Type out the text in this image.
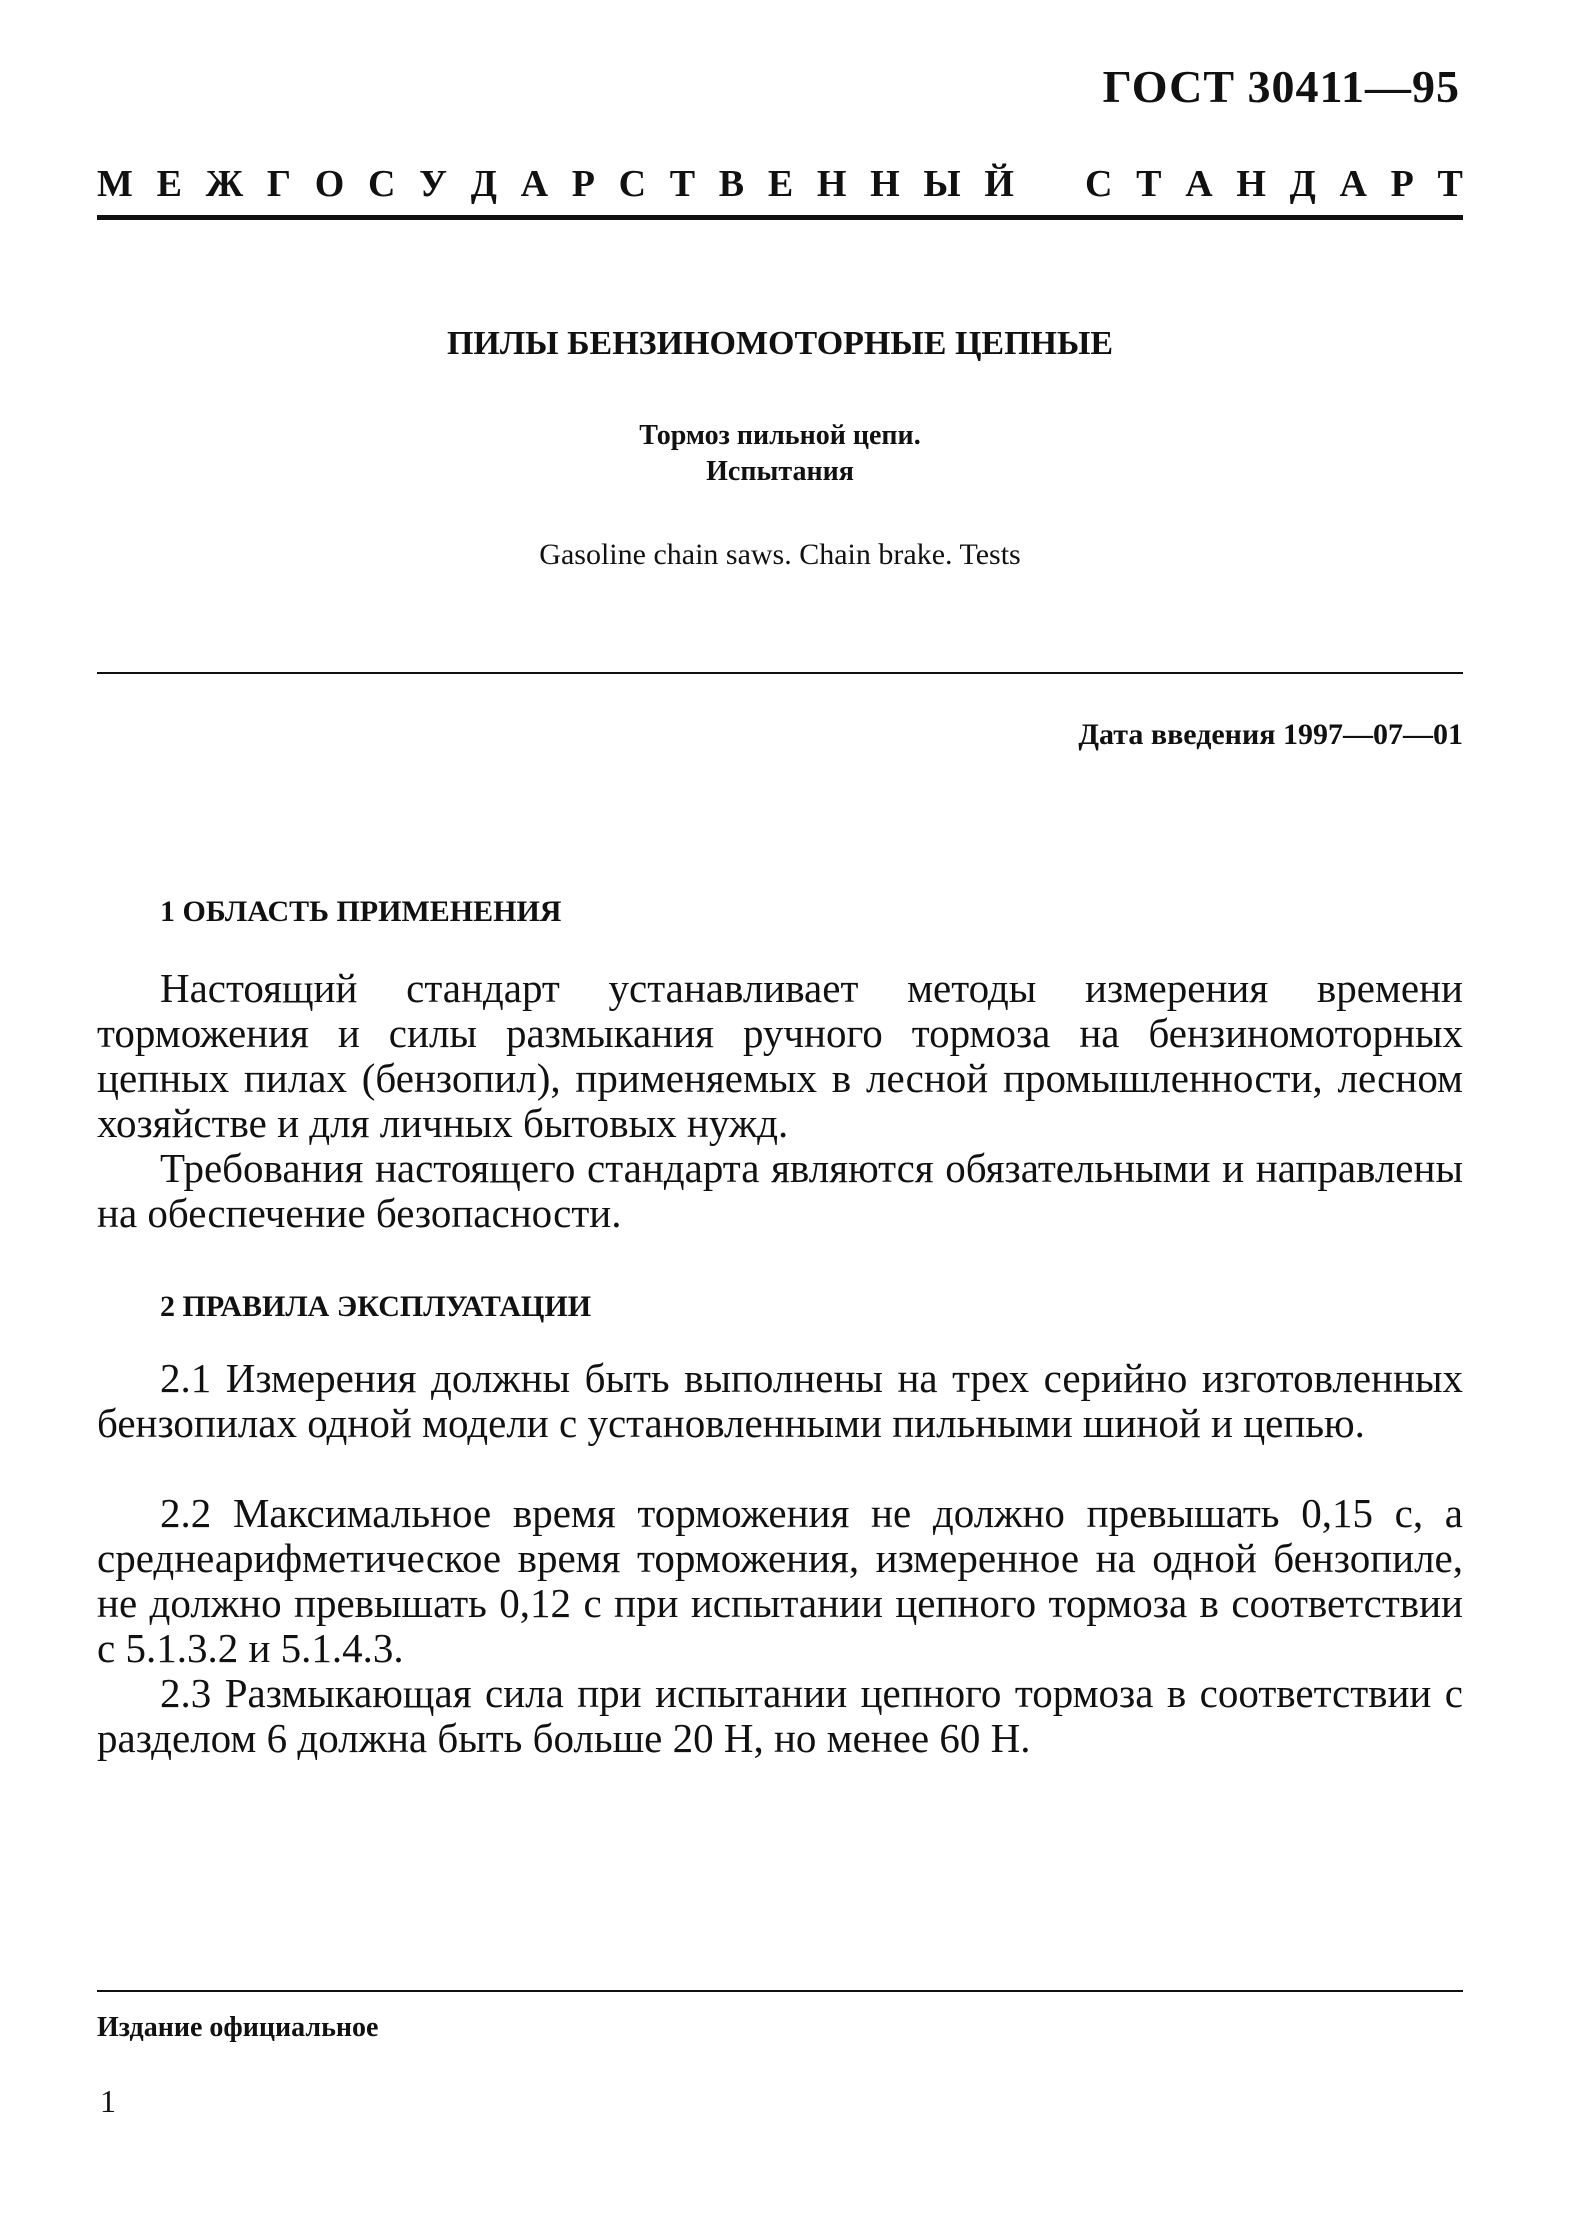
ГОСТ 30411—95
М Е Ж Г О С У Д А Р С Т В Е Н Н Ы Й С Т А Н Д А Р Т
ПИЛЫ БЕНЗИНОМОТОРНЫЕ ЦЕПНЫЕ
Тормоз пильной цепи.
Испытания
Gasoline chain saws. Chain brake. Tests
Дата введения 1997—07—01
1 ОБЛАСТЬ ПРИМЕНЕНИЯ
Настоящий стандарт устанавливает методы измерения времени торможения и силы размыкания ручного тормоза на бензиномоторных цепных пилах (бензопил), применяемых в лесной промышленности, лесном хозяйстве и для личных бытовых нужд.
Требования настоящего стандарта являются обязательными и направлены на обеспечение безопасности.
2 ПРАВИЛА ЭКСПЛУАТАЦИИ
2.1 Измерения должны быть выполнены на трех серийно изготовленных бензопилах одной модели с установленными пильными шиной и цепью.
2.2 Максимальное время торможения не должно превышать 0,15 с, а среднеарифметическое время торможения, измеренное на одной бензопиле, не должно превышать 0,12 с при испытании цепного тормоза в соответствии с 5.1.3.2 и 5.1.4.3.
2.3 Размыкающая сила при испытании цепного тормоза в соответствии с разделом 6 должна быть больше 20 Н, но менее 60 Н.
Издание официальное
1
